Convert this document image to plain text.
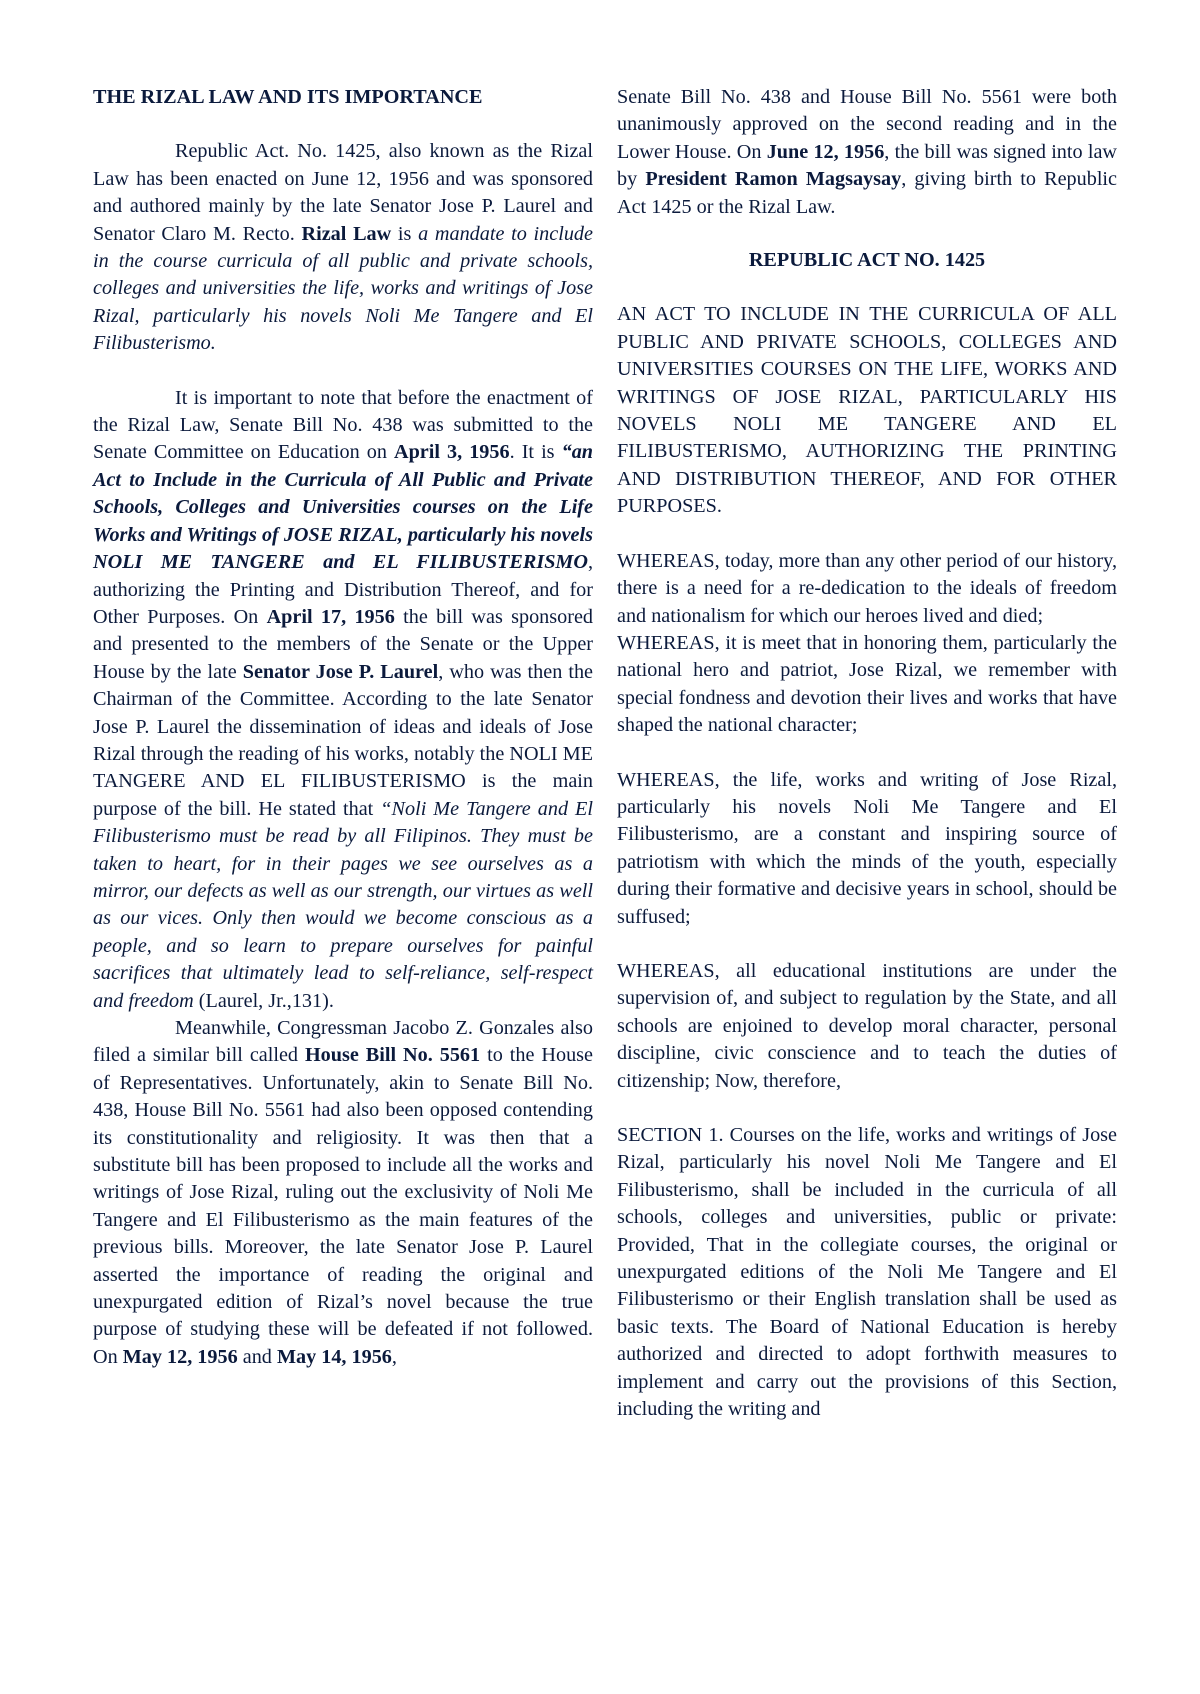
THE RIZAL LAW AND ITS IMPORTANCE

Republic Act. No. 1425, also known as the Rizal Law has been enacted on June 12, 1956 and was sponsored and authored mainly by the late Senator Jose P. Laurel and Senator Claro M. Recto. Rizal Law is a mandate to include in the course curricula of all public and private schools, colleges and universities the life, works and writings of Jose Rizal, particularly his novels Noli Me Tangere and El Filibusterismo.

It is important to note that before the enactment of the Rizal Law, Senate Bill No. 438 was submitted to the Senate Committee on Education on April 3, 1956. It is “an Act to Include in the Curricula of All Public and Private Schools, Colleges and Universities courses on the Life Works and Writings of JOSE RIZAL, particularly his novels NOLI ME TANGERE and EL FILIBUSTERISMO, authorizing the Printing and Distribution Thereof, and for Other Purposes. On April 17, 1956 the bill was sponsored and presented to the members of the Senate or the Upper House by the late Senator Jose P. Laurel, who was then the Chairman of the Committee. According to the late Senator Jose P. Laurel the dissemination of ideas and ideals of Jose Rizal through the reading of his works, notably the NOLI ME TANGERE AND EL FILIBUSTERISMO is the main purpose of the bill. He stated that “Noli Me Tangere and El Filibusterismo must be read by all Filipinos. They must be taken to heart, for in their pages we see ourselves as a mirror, our defects as well as our strength, our virtues as well as our vices. Only then would we become conscious as a people, and so learn to prepare ourselves for painful sacrifices that ultimately lead to self-reliance, self-respect and freedom (Laurel, Jr.,131).

Meanwhile, Congressman Jacobo Z. Gonzales also filed a similar bill called House Bill No. 5561 to the House of Representatives. Unfortunately, akin to Senate Bill No. 438, House Bill No. 5561 had also been opposed contending its constitutionality and religiosity. It was then that a substitute bill has been proposed to include all the works and writings of Jose Rizal, ruling out the exclusivity of Noli Me Tangere and El Filibusterismo as the main features of the previous bills. Moreover, the late Senator Jose P. Laurel asserted the importance of reading the original and unexpurgated edition of Rizal’s novel because the true purpose of studying these will be defeated if not followed. On May 12, 1956 and May 14, 1956,

Senate Bill No. 438 and House Bill No. 5561 were both unanimously approved on the second reading and in the Lower House. On June 12, 1956, the bill was signed into law by President Ramon Magsaysay, giving birth to Republic Act 1425 or the Rizal Law.

REPUBLIC ACT NO. 1425

AN ACT TO INCLUDE IN THE CURRICULA OF ALL PUBLIC AND PRIVATE SCHOOLS, COLLEGES AND UNIVERSITIES COURSES ON THE LIFE, WORKS AND WRITINGS OF JOSE RIZAL, PARTICULARLY HIS NOVELS NOLI ME TANGERE AND EL FILIBUSTERISMO, AUTHORIZING THE PRINTING AND DISTRIBUTION THEREOF, AND FOR OTHER PURPOSES.

WHEREAS, today, more than any other period of our history, there is a need for a re-dedication to the ideals of freedom and nationalism for which our heroes lived and died;

WHEREAS, it is meet that in honoring them, particularly the national hero and patriot, Jose Rizal, we remember with special fondness and devotion their lives and works that have shaped the national character;

WHEREAS, the life, works and writing of Jose Rizal, particularly his novels Noli Me Tangere and El Filibusterismo, are a constant and inspiring source of patriotism with which the minds of the youth, especially during their formative and decisive years in school, should be suffused;

WHEREAS, all educational institutions are under the supervision of, and subject to regulation by the State, and all schools are enjoined to develop moral character, personal discipline, civic conscience and to teach the duties of citizenship; Now, therefore,

SECTION 1. Courses on the life, works and writings of Jose Rizal, particularly his novel Noli Me Tangere and El Filibusterismo, shall be included in the curricula of all schools, colleges and universities, public or private: Provided, That in the collegiate courses, the original or unexpurgated editions of the Noli Me Tangere and El Filibusterismo or their English translation shall be used as basic texts. The Board of National Education is hereby authorized and directed to adopt forthwith measures to implement and carry out the provisions of this Section, including the writing and
